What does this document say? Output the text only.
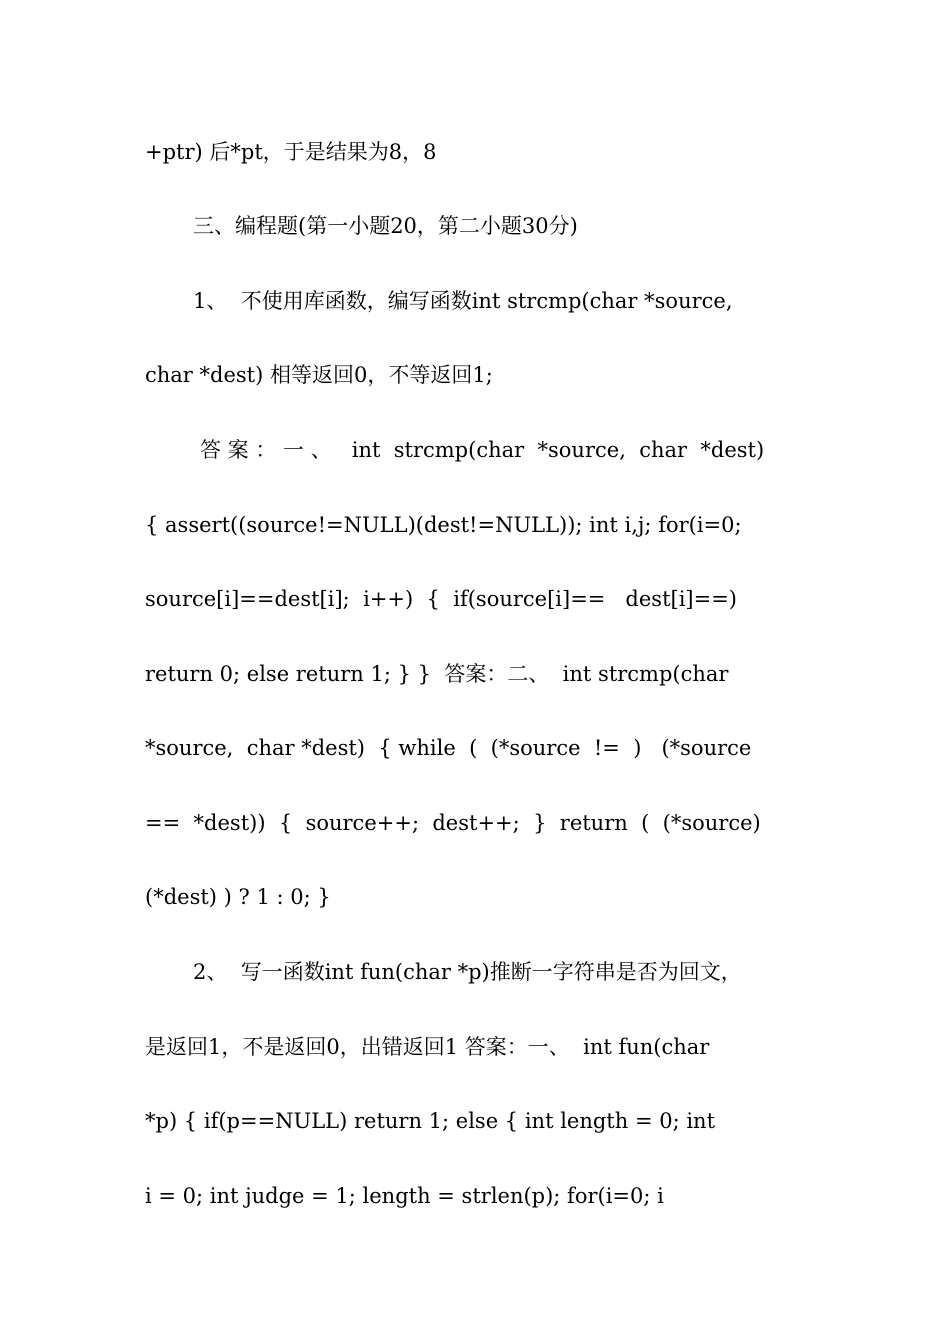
+ptr) 后*pt，于是结果为8，8
三、编程题(第一小题20，第二小题30分)
1、  不使用库函数，编写函数int strcmp(char *source,
char *dest) 相等返回0，不等返回1;
答 案 ： 一 、   int  strcmp(char  *source,  char  *dest)
{ assert((source!=NULL)(dest!=NULL)); int i,j; for(i=0;
source[i]==dest[i];  i++)  {  if(source[i]==   dest[i]==)
return 0; else return 1; } }  答案：二、  int strcmp(char
*source,  char *dest)  { while  (  (*source  !=  )   (*source
==  *dest))  {  source++;  dest++;  }  return  (  (*source)
(*dest) ) ? 1 : 0; }
2、  写一函数int fun(char *p)推断一字符串是否为回文，
是返回1，不是返回0，出错返回1 答案：一、  int fun(char
*p) { if(p==NULL) return 1; else { int length = 0; int
i = 0; int judge = 1; length = strlen(p); for(i=0; i
